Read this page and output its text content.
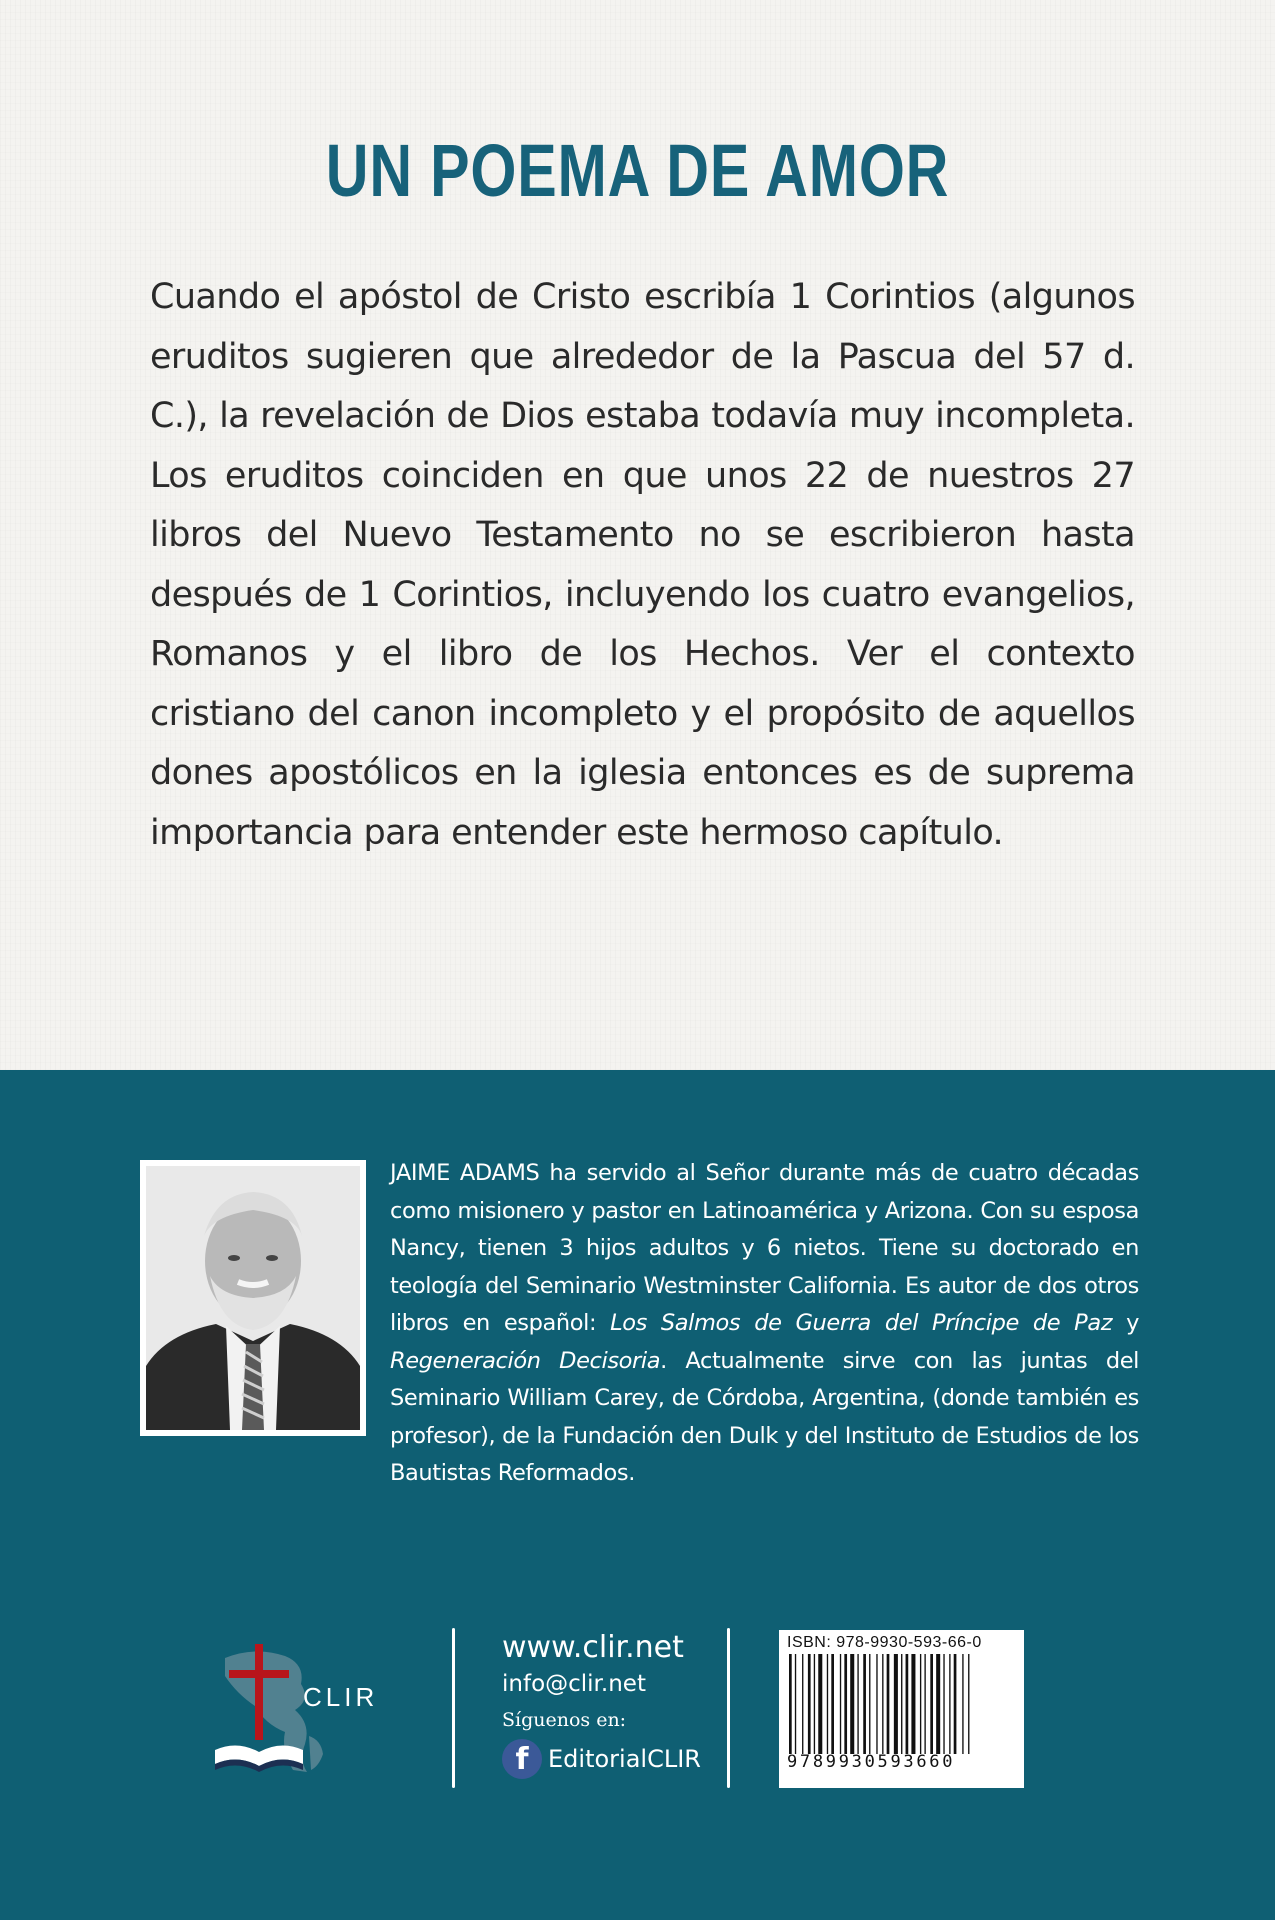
UN POEMA DE AMOR

Cuando el apóstol de Cristo escribía 1 Corintios (algunos eruditos sugieren que alrededor de la Pascua del 57 d. C.), la revelación de Dios estaba todavía muy incompleta. Los eruditos coinciden en que unos 22 de nuestros 27 libros del Nuevo Testamento no se escribieron hasta después de 1 Corintios, incluyendo los cuatro evangelios, Romanos y el libro de los Hechos. Ver el contexto cristiano del canon incompleto y el propósito de aquellos dones apostólicos en la iglesia entonces es de suprema importancia para entender este hermoso capítulo.

JAIME ADAMS ha servido al Señor durante más de cuatro décadas como misionero y pastor en Latinoamérica y Arizona. Con su esposa Nancy, tienen 3 hijos adultos y 6 nietos. Tiene su doctorado en teología del Seminario Westminster California. Es autor de dos otros libros en español: Los Salmos de Guerra del Príncipe de Paz y Regeneración Decisoria. Actualmente sirve con las juntas del Seminario William Carey, de Córdoba, Argentina, (donde también es profesor), de la Fundación den Dulk y del Instituto de Estudios de los Bautistas Reformados.
CLIR
www.clir.net
info@clir.net
Síguenos en:
f EditorialCLIR
ISBN: 978-9930-593-66-0
9789930593660
